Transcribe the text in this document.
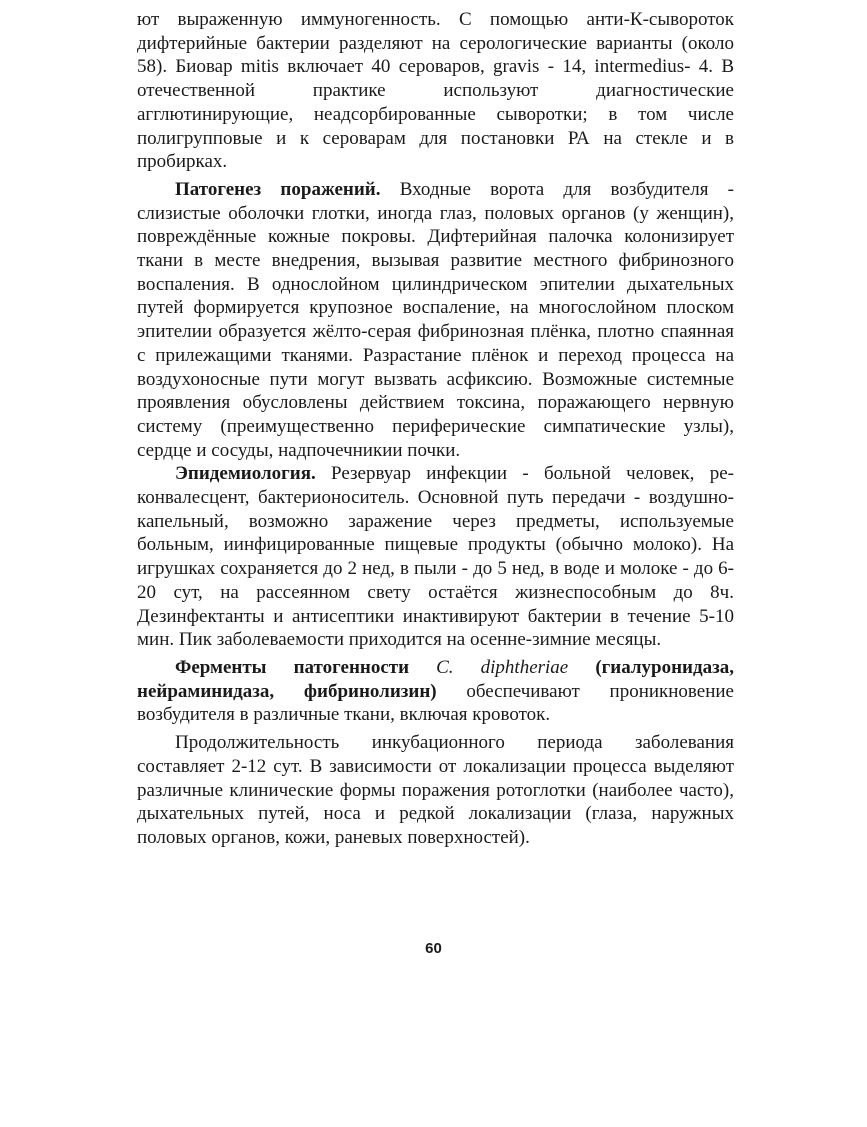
ют выраженную иммуногенность. С помощью анти-К-сывороток дифтерийные бактерии разделяют на серологические варианты (около 58). Биовар mitis включает 40 сероваров, gravis - 14, intermedius- 4. В отечественной практике используют диагностические агглютинирующие, неадсорбированные сыворотки; в том числе полигрупповые и к сероварам для постановки РА на стекле и в пробирках.

Патогенез поражений. Входные ворота для возбудителя - слизистые оболочки глотки, иногда глаз, половых органов (у женщин), повреждённые кожные покровы. Дифтерийная палочка колонизирует ткани в месте внедрения, вызывая развитие местного фибринозного воспаления. В однослойном цилиндрическом эпителии дыхательных путей формируется крупозное воспаление, на многослойном плоском эпителии образуется жёлто-серая фибринозная плёнка, плотно спаянная с прилежащими тканями. Разрастание плёнок и переход процесса на воздухоносные пути могут вызвать асфиксию. Возможные системные проявления обусловлены действием токсина, поражающего нервную систему (преимущественно периферические симпатические узлы), сердце и сосуды, надпочечникии почки.

Эпидемиология. Резервуар инфекции - больной человек, реконвалесцент, бактерионоситель. Основной путь передачи - воздушно-капельный, возможно заражение через предметы, используемые больным, иинфицированные пищевые продукты (обычно молоко). На игрушках сохраняется до 2 нед, в пыли - до 5 нед, в воде и молоке - до 6-20 сут, на рассеянном свету остаётся жизнеспособным до 8ч. Дезинфектанты и антисептики инактивируют бактерии в течение 5-10 мин. Пик заболеваемости приходится на осенне-зимние месяцы.

Ферменты патогенности C. diphtheriae (гиалуронидаза, нейраминидаза, фибринолизин) обеспечивают проникновение возбудителя в различные ткани, включая кровоток.

Продолжительность инкубационного периода заболевания составляет 2-12 сут. В зависимости от локализации процесса выделяют различные клинические формы поражения ротоглотки (наиболее часто), дыхательных путей, носа и редкой локализации (глаза, наружных половых органов, кожи, раневых поверхностей).

60
